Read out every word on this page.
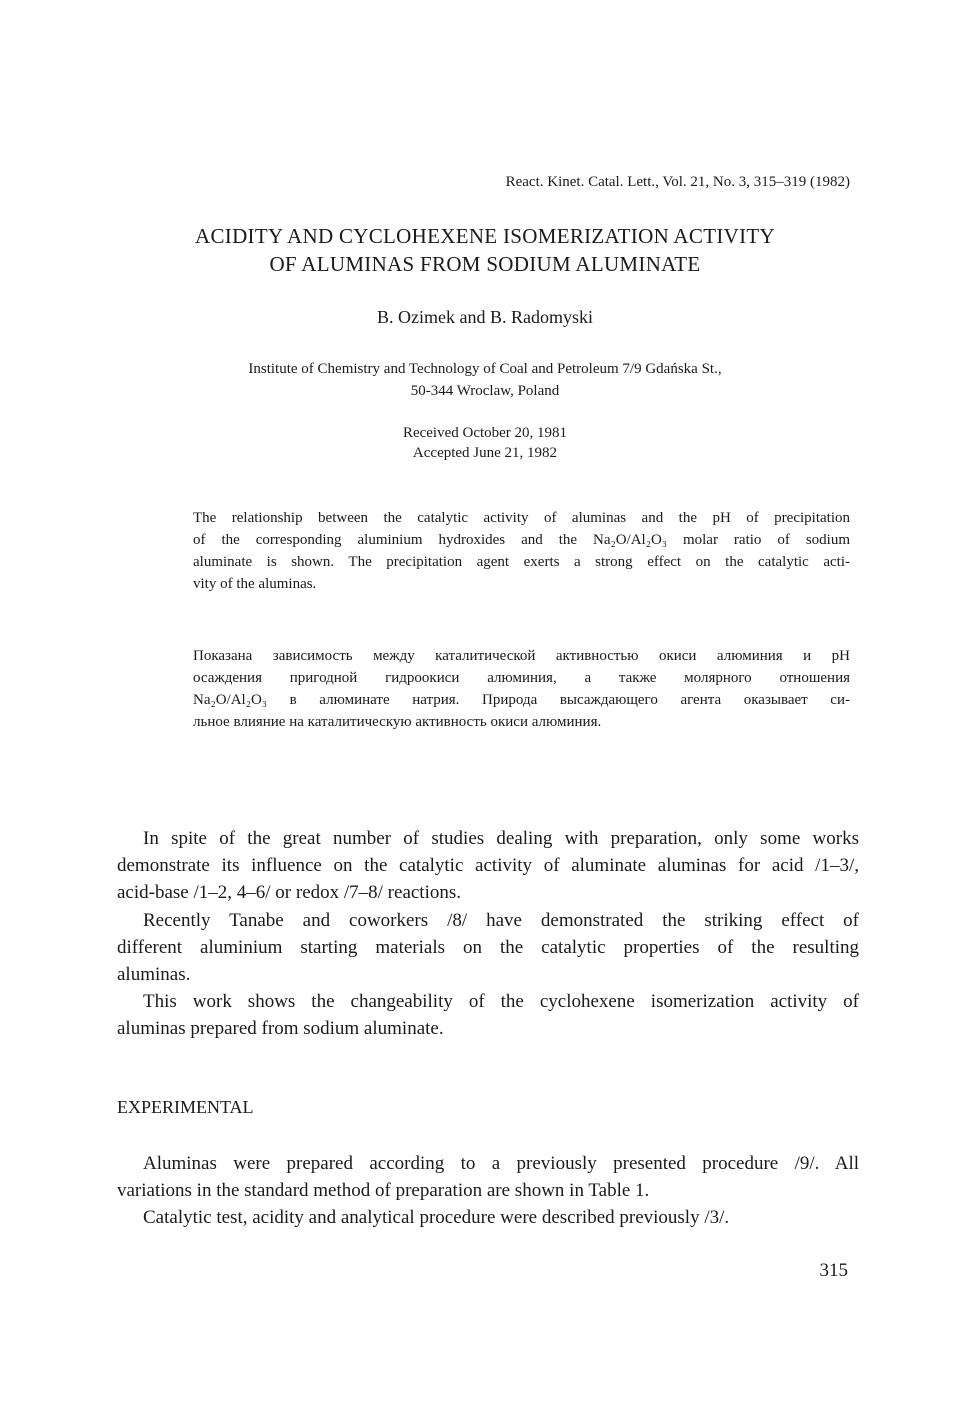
React. Kinet. Catal. Lett., Vol. 21, No. 3, 315–319 (1982)
ACIDITY AND CYCLOHEXENE ISOMERIZATION ACTIVITY
OF ALUMINAS FROM SODIUM ALUMINATE
B. Ozimek and B. Radomyski
Institute of Chemistry and Technology of Coal and Petroleum 7/9 Gdańska St.,
50-344 Wroclaw, Poland
Received October 20, 1981
Accepted June 21, 1982
The relationship between the catalytic activity of aluminas and the pH of precipitation
of the corresponding aluminium hydroxides and the Na₂O/Al₂O₃ molar ratio of sodium
aluminate is shown. The precipitation agent exerts a strong effect on the catalytic acti-
vity of the aluminas.
Показана зависимость между каталитической активностью окиси алюминия и pH
осаждения пригодной гидроокиси алюминия, а также молярного отношения
Na₂O/Al₂O₃ в алюминате натрия. Природа высаждающего агента оказывает си-
льное влияние на каталитическую активность окиси алюминия.
In spite of the great number of studies dealing with preparation, only some works
demonstrate its influence on the catalytic activity of aluminate aluminas for acid /1–3/,
acid-base /1–2, 4–6/ or redox /7–8/ reactions.
Recently Tanabe and coworkers /8/ have demonstrated the striking effect of
different aluminium starting materials on the catalytic properties of the resulting
aluminas.
This work shows the changeability of the cyclohexene isomerization activity of
aluminas prepared from sodium aluminate.
EXPERIMENTAL
Aluminas were prepared according to a previously presented procedure /9/. All
variations in the standard method of preparation are shown in Table 1.
Catalytic test, acidity and analytical procedure were described previously /3/.
315
